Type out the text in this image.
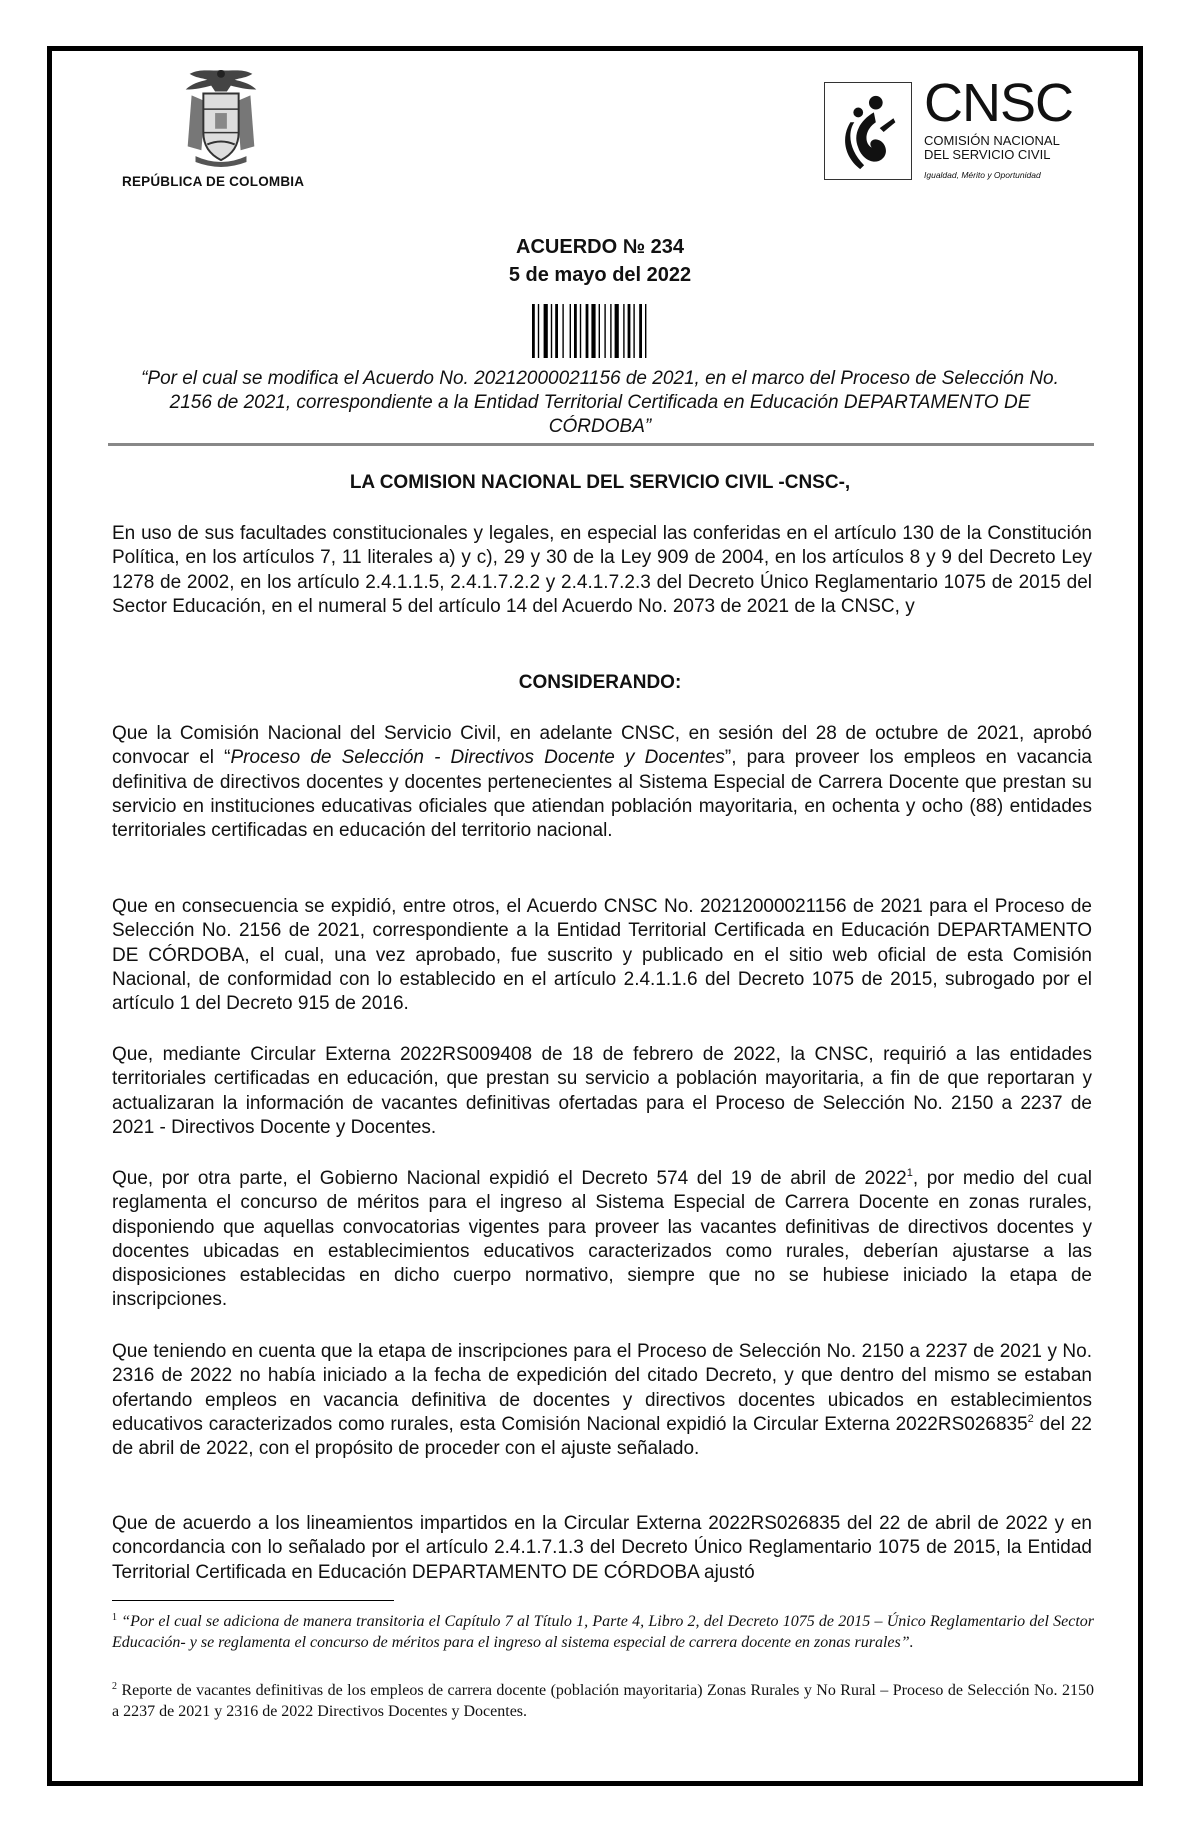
REPÚBLICA DE COLOMBIA
CNSC
COMISIÓN NACIONAL
DEL SERVICIO CIVIL
Igualdad, Mérito y Oportunidad
ACUERDO № 234
5 de mayo del 2022
“Por el cual se modifica el Acuerdo No. 20212000021156 de 2021, en el marco del Proceso de Selección No. 2156 de 2021, correspondiente a la Entidad Territorial Certificada en Educación DEPARTAMENTO DE CÓRDOBA”
LA COMISION NACIONAL DEL SERVICIO CIVIL -CNSC-,
En uso de sus facultades constitucionales y legales, en especial las conferidas en el artículo 130 de la Constitución Política, en los artículos 7, 11 literales a) y c), 29 y 30 de la Ley 909 de 2004, en los artículos 8 y 9 del Decreto Ley 1278 de 2002, en los artículo 2.4.1.1.5, 2.4.1.7.2.2 y 2.4.1.7.2.3 del Decreto Único Reglamentario 1075 de 2015 del Sector Educación, en el numeral 5 del artículo 14 del Acuerdo No. 2073 de 2021 de la CNSC, y
CONSIDERANDO:
Que la Comisión Nacional del Servicio Civil, en adelante CNSC, en sesión del 28 de octubre de 2021, aprobó convocar el “Proceso de Selección - Directivos Docente y Docentes”, para proveer los empleos en vacancia definitiva de directivos docentes y docentes pertenecientes al Sistema Especial de Carrera Docente que prestan su servicio en instituciones educativas oficiales que atiendan población mayoritaria, en ochenta y ocho (88) entidades territoriales certificadas en educación del territorio nacional.
Que en consecuencia se expidió, entre otros, el Acuerdo CNSC No. 20212000021156 de 2021 para el Proceso de Selección No. 2156 de 2021, correspondiente a la Entidad Territorial Certificada en Educación DEPARTAMENTO DE CÓRDOBA, el cual, una vez aprobado, fue suscrito y publicado en el sitio web oficial de esta Comisión Nacional, de conformidad con lo establecido en el artículo 2.4.1.1.6 del Decreto 1075 de 2015, subrogado por el artículo 1 del Decreto 915 de 2016.
Que, mediante Circular Externa 2022RS009408 de 18 de febrero de 2022, la CNSC, requirió a las entidades territoriales certificadas en educación, que prestan su servicio a población mayoritaria, a fin de que reportaran y actualizaran la información de vacantes definitivas ofertadas para el Proceso de Selección No. 2150 a 2237 de 2021 - Directivos Docente y Docentes.
Que, por otra parte, el Gobierno Nacional expidió el Decreto 574 del 19 de abril de 2022$^1$, por medio del cual reglamenta el concurso de méritos para el ingreso al Sistema Especial de Carrera Docente en zonas rurales, disponiendo que aquellas convocatorias vigentes para proveer las vacantes definitivas de directivos docentes y docentes ubicadas en establecimientos educativos caracterizados como rurales, deberían ajustarse a las disposiciones establecidas en dicho cuerpo normativo, siempre que no se hubiese iniciado la etapa de inscripciones.
Que teniendo en cuenta que la etapa de inscripciones para el Proceso de Selección No. 2150 a 2237 de 2021 y No. 2316 de 2022 no había iniciado a la fecha de expedición del citado Decreto, y que dentro del mismo se estaban ofertando empleos en vacancia definitiva de docentes y directivos docentes ubicados en establecimientos educativos caracterizados como rurales, esta Comisión Nacional expidió la Circular Externa 2022RS026835$^2$ del 22 de abril de 2022, con el propósito de proceder con el ajuste señalado.
Que de acuerdo a los lineamientos impartidos en la Circular Externa 2022RS026835 del 22 de abril de 2022 y en concordancia con lo señalado por el artículo 2.4.1.7.1.3 del Decreto Único Reglamentario 1075 de 2015, la Entidad Territorial Certificada en Educación DEPARTAMENTO DE CÓRDOBA ajustó
$^1$ “Por el cual se adiciona de manera transitoria el Capítulo 7 al Título 1, Parte 4, Libro 2, del Decreto 1075 de 2015 – Único Reglamentario del Sector Educación- y se reglamenta el concurso de méritos para el ingreso al sistema especial de carrera docente en zonas rurales”.
$^2$ Reporte de vacantes definitivas de los empleos de carrera docente (población mayoritaria) Zonas Rurales y No Rural – Proceso de Selección No. 2150 a 2237 de 2021 y 2316 de 2022 Directivos Docentes y Docentes.
